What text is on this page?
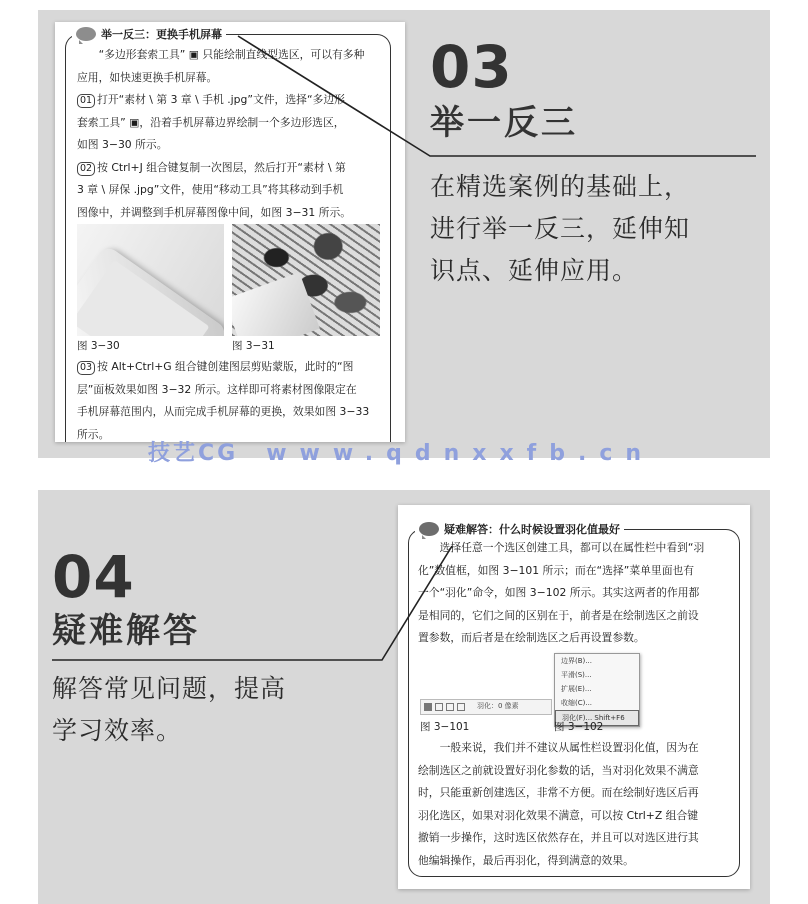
举一反三：更换手机屏幕
“多边形套索工具” ▣ 只能绘制直线型选区，可以有多种
应用，如快速更换手机屏幕。
01 打开“素材 \ 第 3 章 \ 手机 .jpg”文件，选择“多边形
套索工具” ▣，沿着手机屏幕边界绘制一个多边形选区，
如图 3−30 所示。
02 按 Ctrl+J 组合键复制一次图层，然后打开“素材 \ 第
3 章 \ 屏保 .jpg”文件，使用“移动工具”将其移动到手机
图像中，并调整到手机屏幕图像中间，如图 3−31 所示。
图 3−30	图 3−31
03 按 Alt+Ctrl+G 组合键创建图层剪贴蒙版，此时的“图
层”面板效果如图 3−32 所示。这样即可将素材图像限定在
手机屏幕范围内，从而完成手机屏幕的更换，效果如图 3−33
所示。
03
举一反三
在精选案例的基础上，
进行举一反三，延伸知
识点、延伸应用。
技艺CG www.qdnxxfb.cn
疑难解答：什么时候设置羽化值最好
选择任意一个选区创建工具，都可以在属性栏中看到“羽
化”数值框，如图 3−101 所示；而在“选择”菜单里面也有
一个“羽化”命令，如图 3−102 所示。其实这两者的作用都
是相同的，它们之间的区别在于，前者是在绘制选区之前设
置参数，而后者是在绘制选区之后再设置参数。
羽化：0 像素
边界(B)...
平滑(S)...
扩展(E)...
收缩(C)...
羽化(F)... Shift+F6
图 3−101	图 3−102
一般来说，我们并不建议从属性栏设置羽化值，因为在
绘制选区之前就设置好羽化参数的话，当对羽化效果不满意
时，只能重新创建选区，非常不方便。而在绘制好选区后再
羽化选区，如果对羽化效果不满意，可以按 Ctrl+Z 组合键
撤销一步操作，这时选区依然存在，并且可以对选区进行其
他编辑操作，最后再羽化，得到满意的效果。
04
疑难解答
解答常见问题，提高
学习效率。
